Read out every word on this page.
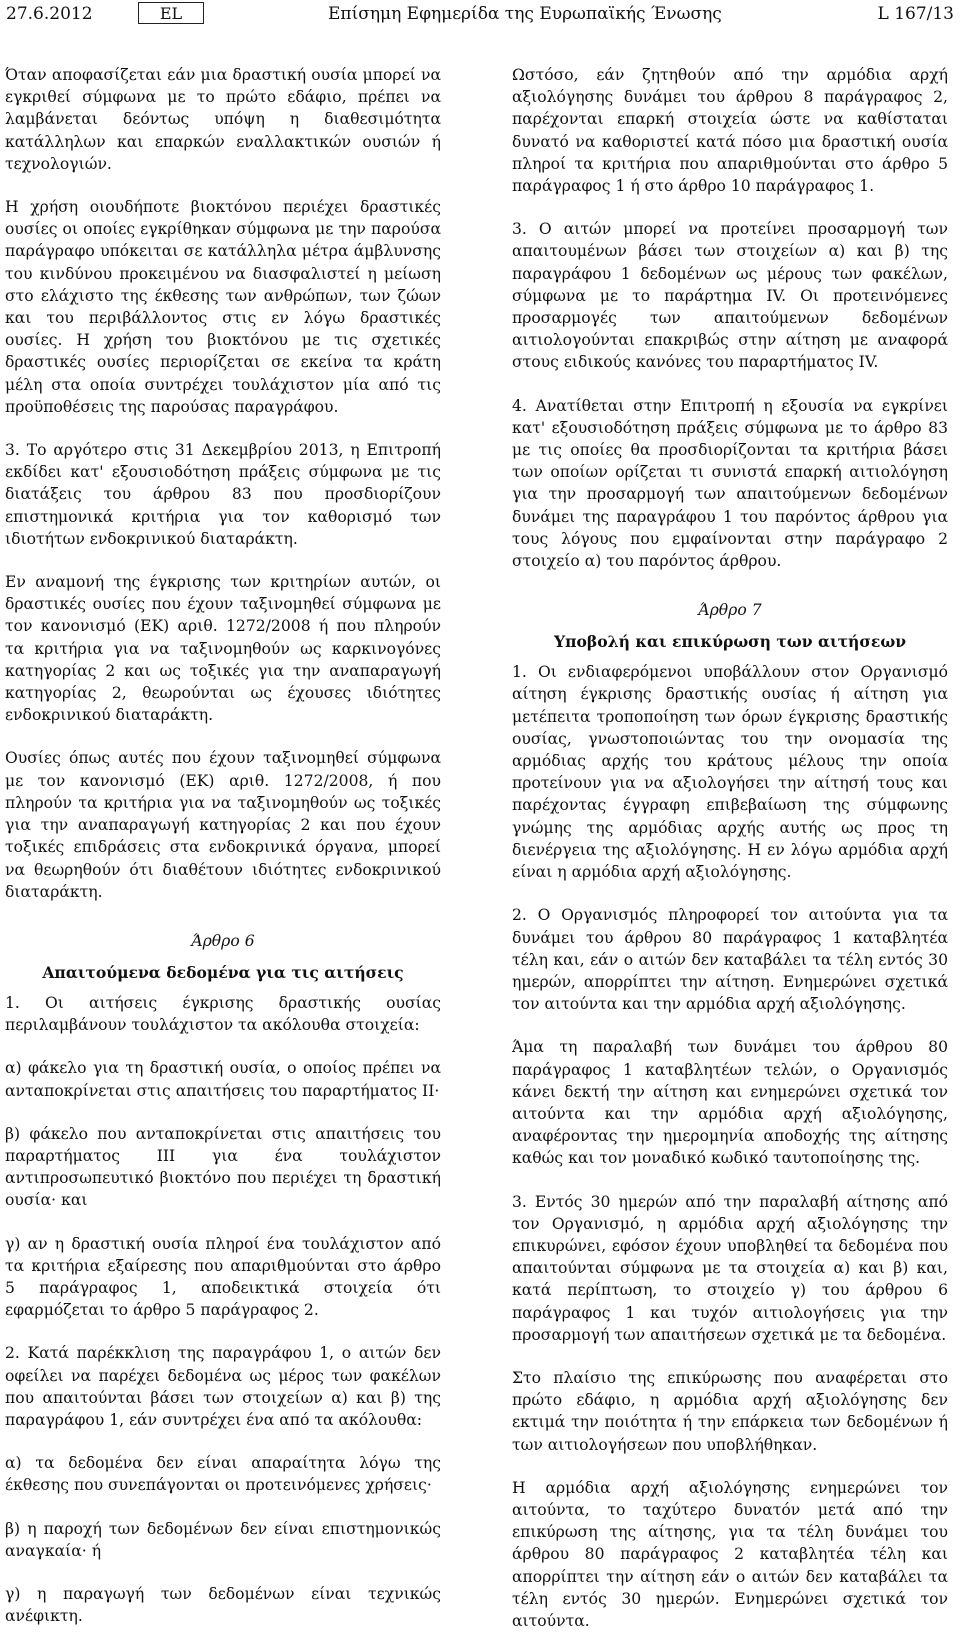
27.6.2012	EL	Επίσημη Εφημερίδα της Ευρωπαϊκής Ένωσης	L 167/13

Όταν αποφασίζεται εάν μια δραστική ουσία μπορεί να εγκριθεί σύμφωνα με το πρώτο εδάφιο, πρέπει να λαμβάνεται δεόντως υπόψη η διαθεσιμότητα κατάλληλων και επαρκών εναλλακτικών ουσιών ή τεχνολογιών.

Η χρήση οιουδήποτε βιοκτόνου περιέχει δραστικές ουσίες οι οποίες εγκρίθηκαν σύμφωνα με την παρούσα παράγραφο υπόκειται σε κατάλληλα μέτρα άμβλυνσης του κινδύνου προκειμένου να διασφαλιστεί η μείωση στο ελάχιστο της έκθεσης των ανθρώπων, των ζώων και του περιβάλλοντος στις εν λόγω δραστικές ουσίες. Η χρήση του βιοκτόνου με τις σχετικές δραστικές ουσίες περιορίζεται σε εκείνα τα κράτη μέλη στα οποία συντρέχει τουλάχιστον μία από τις προϋποθέσεις της παρούσας παραγράφου.

3. Το αργότερο στις 31 Δεκεμβρίου 2013, η Επιτροπή εκδίδει κατ' εξουσιοδότηση πράξεις σύμφωνα με τις διατάξεις του άρθρου 83 που προσδιορίζουν επιστημονικά κριτήρια για τον καθορισμό των ιδιοτήτων ενδοκρινικού διαταράκτη.

Εν αναμονή της έγκρισης των κριτηρίων αυτών, οι δραστικές ουσίες που έχουν ταξινομηθεί σύμφωνα με τον κανονισμό (ΕΚ) αριθ. 1272/2008 ή που πληρούν τα κριτήρια για να ταξινομηθούν ως καρκινογόνες κατηγορίας 2 και ως τοξικές για την αναπαραγωγή κατηγορίας 2, θεωρούνται ως έχουσες ιδιότητες ενδοκρινικού διαταράκτη.

Ουσίες όπως αυτές που έχουν ταξινομηθεί σύμφωνα με τον κανονισμό (ΕΚ) αριθ. 1272/2008, ή που πληρούν τα κριτήρια για να ταξινομηθούν ως τοξικές για την αναπαραγωγή κατηγορίας 2 και που έχουν τοξικές επιδράσεις στα ενδοκρινικά όργανα, μπορεί να θεωρηθούν ότι διαθέτουν ιδιότητες ενδοκρινικού διαταράκτη.

Άρθρο 6

Απαιτούμενα δεδομένα για τις αιτήσεις

1. Οι αιτήσεις έγκρισης δραστικής ουσίας περιλαμβάνουν τουλάχιστον τα ακόλουθα στοιχεία:

α) φάκελο για τη δραστική ουσία, ο οποίος πρέπει να ανταποκρίνεται στις απαιτήσεις του παραρτήματος II·

β) φάκελο που ανταποκρίνεται στις απαιτήσεις του παραρτήματος III για ένα τουλάχιστον αντιπροσωπευτικό βιοκτόνο που περιέχει τη δραστική ουσία· και

γ) αν η δραστική ουσία πληροί ένα τουλάχιστον από τα κριτήρια εξαίρεσης που απαριθμούνται στο άρθρο 5 παράγραφος 1, αποδεικτικά στοιχεία ότι εφαρμόζεται το άρθρο 5 παράγραφος 2.

2. Κατά παρέκκλιση της παραγράφου 1, ο αιτών δεν οφείλει να παρέχει δεδομένα ως μέρος των φακέλων που απαιτούνται βάσει των στοιχείων α) και β) της παραγράφου 1, εάν συντρέχει ένα από τα ακόλουθα:

α) τα δεδομένα δεν είναι απαραίτητα λόγω της έκθεσης που συνεπάγονται οι προτεινόμενες χρήσεις·

β) η παροχή των δεδομένων δεν είναι επιστημονικώς αναγκαία· ή

γ) η παραγωγή των δεδομένων είναι τεχνικώς ανέφικτη.

Ωστόσο, εάν ζητηθούν από την αρμόδια αρχή αξιολόγησης δυνάμει του άρθρου 8 παράγραφος 2, παρέχονται επαρκή στοιχεία ώστε να καθίσταται δυνατό να καθοριστεί κατά πόσο μια δραστική ουσία πληροί τα κριτήρια που απαριθμούνται στο άρθρο 5 παράγραφος 1 ή στο άρθρο 10 παράγραφος 1.

3. Ο αιτών μπορεί να προτείνει προσαρμογή των απαιτουμένων βάσει των στοιχείων α) και β) της παραγράφου 1 δεδομένων ως μέρους των φακέλων, σύμφωνα με το παράρτημα IV. Οι προτεινόμενες προσαρμογές των απαιτούμενων δεδομένων αιτιολογούνται επακριβώς στην αίτηση με αναφορά στους ειδικούς κανόνες του παραρτήματος IV.

4. Ανατίθεται στην Επιτροπή η εξουσία να εγκρίνει κατ' εξουσιοδότηση πράξεις σύμφωνα με το άρθρο 83 με τις οποίες θα προσδιορίζονται τα κριτήρια βάσει των οποίων ορίζεται τι συνιστά επαρκή αιτιολόγηση για την προσαρμογή των απαιτούμενων δεδομένων δυνάμει της παραγράφου 1 του παρόντος άρθρου για τους λόγους που εμφαίνονται στην παράγραφο 2 στοιχείο α) του παρόντος άρθρου.

Άρθρο 7

Υποβολή και επικύρωση των αιτήσεων

1. Οι ενδιαφερόμενοι υποβάλλουν στον Οργανισμό αίτηση έγκρισης δραστικής ουσίας ή αίτηση για μετέπειτα τροποποίηση των όρων έγκρισης δραστικής ουσίας, γνωστοποιώντας του την ονομασία της αρμόδιας αρχής του κράτους μέλους την οποία προτείνουν για να αξιολογήσει την αίτησή τους και παρέχοντας έγγραφη επιβεβαίωση της σύμφωνης γνώμης της αρμόδιας αρχής αυτής ως προς τη διενέργεια της αξιολόγησης. Η εν λόγω αρμόδια αρχή είναι η αρμόδια αρχή αξιολόγησης.

2. Ο Οργανισμός πληροφορεί τον αιτούντα για τα δυνάμει του άρθρου 80 παράγραφος 1 καταβλητέα τέλη και, εάν ο αιτών δεν καταβάλει τα τέλη εντός 30 ημερών, απορρίπτει την αίτηση. Ενημερώνει σχετικά τον αιτούντα και την αρμόδια αρχή αξιολόγησης.

Άμα τη παραλαβή των δυνάμει του άρθρου 80 παράγραφος 1 καταβλητέων τελών, ο Οργανισμός κάνει δεκτή την αίτηση και ενημερώνει σχετικά τον αιτούντα και την αρμόδια αρχή αξιολόγησης, αναφέροντας την ημερομηνία αποδοχής της αίτησης καθώς και τον μοναδικό κωδικό ταυτοποίησης της.

3. Εντός 30 ημερών από την παραλαβή αίτησης από τον Οργανισμό, η αρμόδια αρχή αξιολόγησης την επικυρώνει, εφόσον έχουν υποβληθεί τα δεδομένα που απαιτούνται σύμφωνα με τα στοιχεία α) και β) και, κατά περίπτωση, το στοιχείο γ) του άρθρου 6 παράγραφος 1 και τυχόν αιτιολογήσεις για την προσαρμογή των απαιτήσεων σχετικά με τα δεδομένα.

Στο πλαίσιο της επικύρωσης που αναφέρεται στο πρώτο εδάφιο, η αρμόδια αρχή αξιολόγησης δεν εκτιμά την ποιότητα ή την επάρκεια των δεδομένων ή των αιτιολογήσεων που υποβλήθηκαν.

Η αρμόδια αρχή αξιολόγησης ενημερώνει τον αιτούντα, το ταχύτερο δυνατόν μετά από την επικύρωση της αίτησης, για τα τέλη δυνάμει του άρθρου 80 παράγραφος 2 καταβλητέα τέλη και απορρίπτει την αίτηση εάν ο αιτών δεν καταβάλει τα τέλη εντός 30 ημερών. Ενημερώνει σχετικά τον αιτούντα.
